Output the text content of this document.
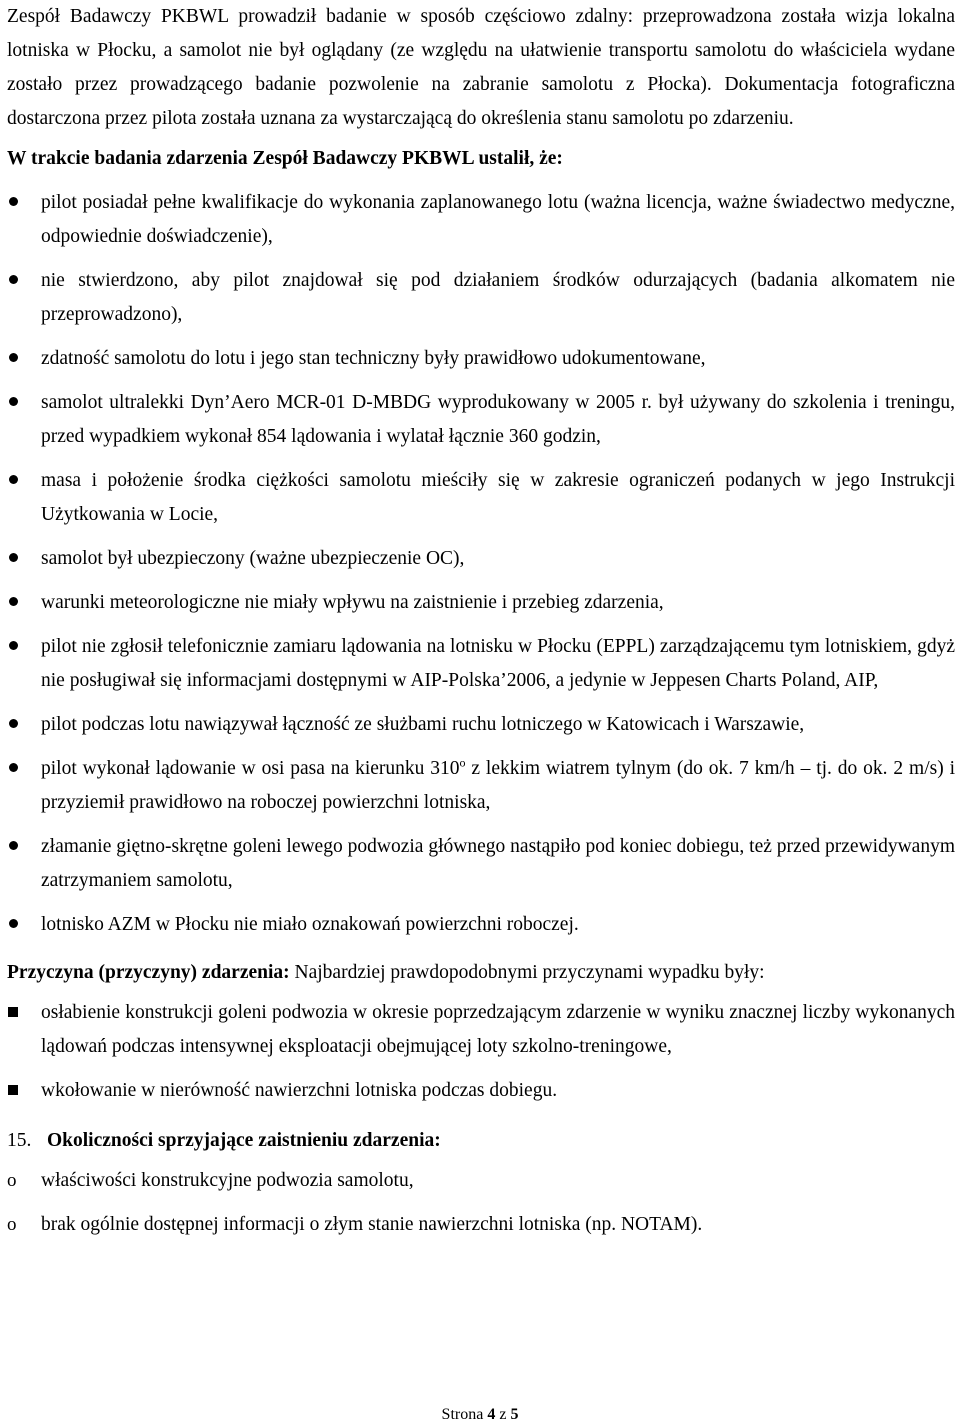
Zespół Badawczy PKBWL prowadził badanie w sposób częściowo zdalny: przeprowadzona została wizja lokalna lotniska w Płocku, a samolot nie był oglądany (ze względu na ułatwienie transportu samolotu do właściciela wydane zostało przez prowadzącego badanie pozwolenie na zabranie samolotu z Płocka). Dokumentacja fotograficzna dostarczona przez pilota została uznana za wystarczającą do określenia stanu samolotu po zdarzeniu.

W trakcie badania zdarzenia Zespół Badawczy PKBWL ustalił, że:

pilot posiadał pełne kwalifikacje do wykonania zaplanowanego lotu (ważna licencja, ważne świadectwo medyczne, odpowiednie doświadczenie),
nie stwierdzono, aby pilot znajdował się pod działaniem środków odurzających (badania alkomatem nie przeprowadzono),
zdatność samolotu do lotu i jego stan techniczny były prawidłowo udokumentowane,
samolot ultralekki Dyn’Aero MCR-01 D-MBDG wyprodukowany w 2005 r. był używany do szkolenia i treningu, przed wypadkiem wykonał 854 lądowania i wylatał łącznie 360 godzin,
masa i położenie środka ciężkości samolotu mieściły się w zakresie ograniczeń podanych w jego Instrukcji Użytkowania w Locie,
samolot był ubezpieczony (ważne ubezpieczenie OC),
warunki meteorologiczne nie miały wpływu na zaistnienie i przebieg zdarzenia,
pilot nie zgłosił telefonicznie zamiaru lądowania na lotnisku w Płocku (EPPL) zarządzającemu tym lotniskiem, gdyż nie posługiwał się informacjami dostępnymi w AIP-Polska’2006, a jedynie w Jeppesen Charts Poland, AIP,
pilot podczas lotu nawiązywał łączność ze służbami ruchu lotniczego w Katowicach i Warszawie,
pilot wykonał lądowanie w osi pasa na kierunku 310$^o$ z lekkim wiatrem tylnym (do ok. 7 km/h – tj. do ok. 2 m/s) i przyziemił prawidłowo na roboczej powierzchni lotniska,
złamanie giętno-skrętne goleni lewego podwozia głównego nastąpiło pod koniec dobiegu, też przed przewidywanym zatrzymaniem samolotu,
lotnisko AZM w Płocku nie miało oznakowań powierzchni roboczej.

Przyczyna (przyczyny) zdarzenia: Najbardziej prawdopodobnymi przyczynami wypadku były:

osłabienie konstrukcji goleni podwozia w okresie poprzedzającym zdarzenie w wyniku znacznej liczby wykonanych lądowań podczas intensywnej eksploatacji obejmującej loty szkolno-treningowe,
wkołowanie w nierówność nawierzchni lotniska podczas dobiegu.

15. Okoliczności sprzyjające zaistnieniu zdarzenia:

o	właściwości konstrukcyjne podwozia samolotu,
o	brak ogólnie dostępnej informacji o złym stanie nawierzchni lotniska (np. NOTAM).
Strona 4 z 5
